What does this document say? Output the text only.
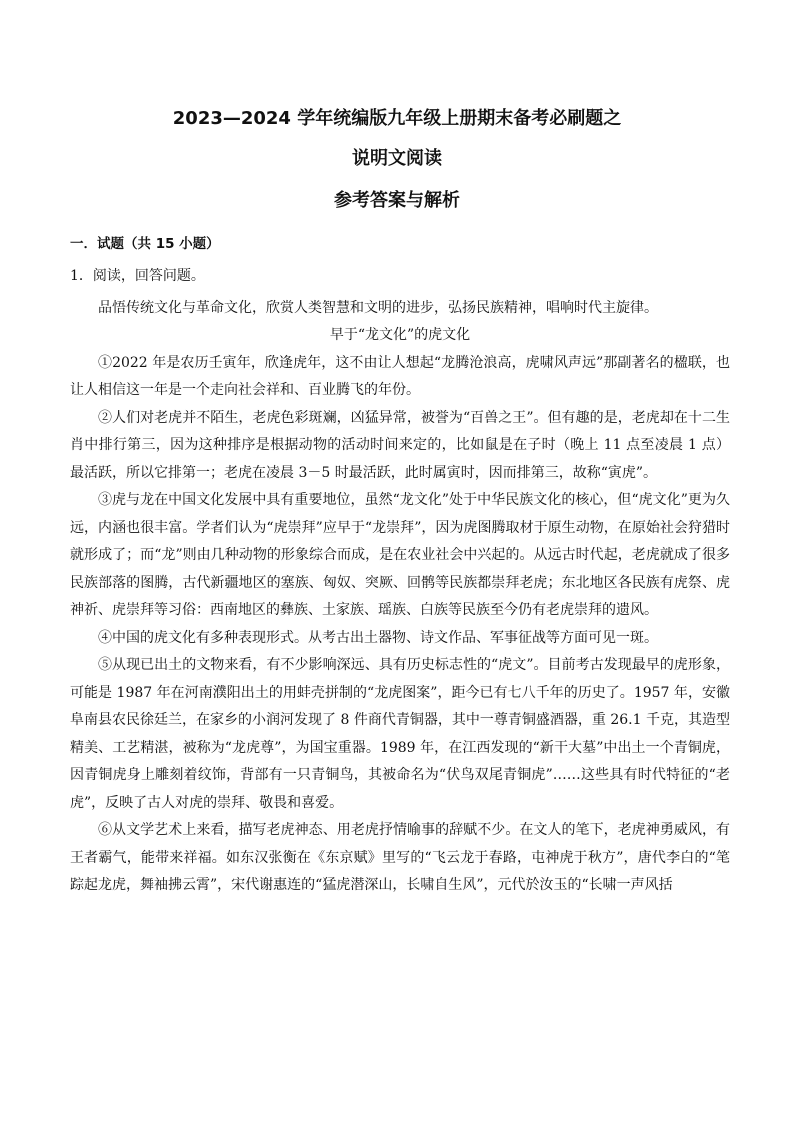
2023—2024 学年统编版九年级上册期末备考必刷题之
说明文阅读
参考答案与解析
一．试题（共 15 小题）

1．阅读，回答问题。

品悟传统文化与革命文化，欣赏人类智慧和文明的进步，弘扬民族精神，唱响时代主旋律。

早于“龙文化”的虎文化

①2022 年是农历壬寅年，欣逢虎年，这不由让人想起“龙腾沧浪高，虎啸风声远”那副著名的楹联，也让人相信这一年是一个走向社会祥和、百业腾飞的年份。

②人们对老虎并不陌生，老虎色彩斑斓，凶猛异常，被誉为“百兽之王”。但有趣的是，老虎却在十二生肖中排行第三，因为这种排序是根据动物的活动时间来定的，比如鼠是在子时（晚上 11 点至凌晨 1 点）最活跃，所以它排第一；老虎在凌晨 3－5 时最活跃，此时属寅时，因而排第三，故称“寅虎”。

③虎与龙在中国文化发展中具有重要地位，虽然“龙文化”处于中华民族文化的核心，但“虎文化”更为久远，内涵也很丰富。学者们认为“虎崇拜”应早于“龙崇拜”，因为虎图腾取材于原生动物，在原始社会狩猎时就形成了；而“龙”则由几种动物的形象综合而成，是在农业社会中兴起的。从远古时代起，老虎就成了很多民族部落的图腾，古代新疆地区的塞族、匈奴、突厥、回鹘等民族都崇拜老虎；东北地区各民族有虎祭、虎神祈、虎崇拜等习俗：西南地区的彝族、土家族、瑶族、白族等民族至今仍有老虎崇拜的遗风。

④中国的虎文化有多种表现形式。从考古出土器物、诗文作品、军事征战等方面可见一斑。

⑤从现已出土的文物来看，有不少影响深远、具有历史标志性的“虎文”。目前考古发现最早的虎形象，可能是 1987 年在河南濮阳出土的用蚌壳拼制的“龙虎图案”，距今已有七八千年的历史了。1957 年，安徽阜南县农民徐廷兰，在家乡的小润河发现了 8 件商代青铜器，其中一尊青铜盛酒器，重 26.1 千克，其造型精美、工艺精湛，被称为“龙虎尊”，为国宝重器。1989 年，在江西发现的“新干大墓”中出土一个青铜虎，因青铜虎身上雕刻着纹饰，背部有一只青铜鸟，其被命名为“伏鸟双尾青铜虎”……这些具有时代特征的“老虎”，反映了古人对虎的崇拜、敬畏和喜爱。

⑥从文学艺术上来看，描写老虎神态、用老虎抒情喻事的辞赋不少。在文人的笔下，老虎神勇威风，有王者霸气，能带来祥福。如东汉张衡在《东京赋》里写的“飞云龙于春路，屯神虎于秋方”，唐代李白的“笔踪起龙虎，舞袖拂云霄”，宋代谢惠连的“猛虎潜深山，长啸自生风”，元代於汝玉的“长啸一声风括
